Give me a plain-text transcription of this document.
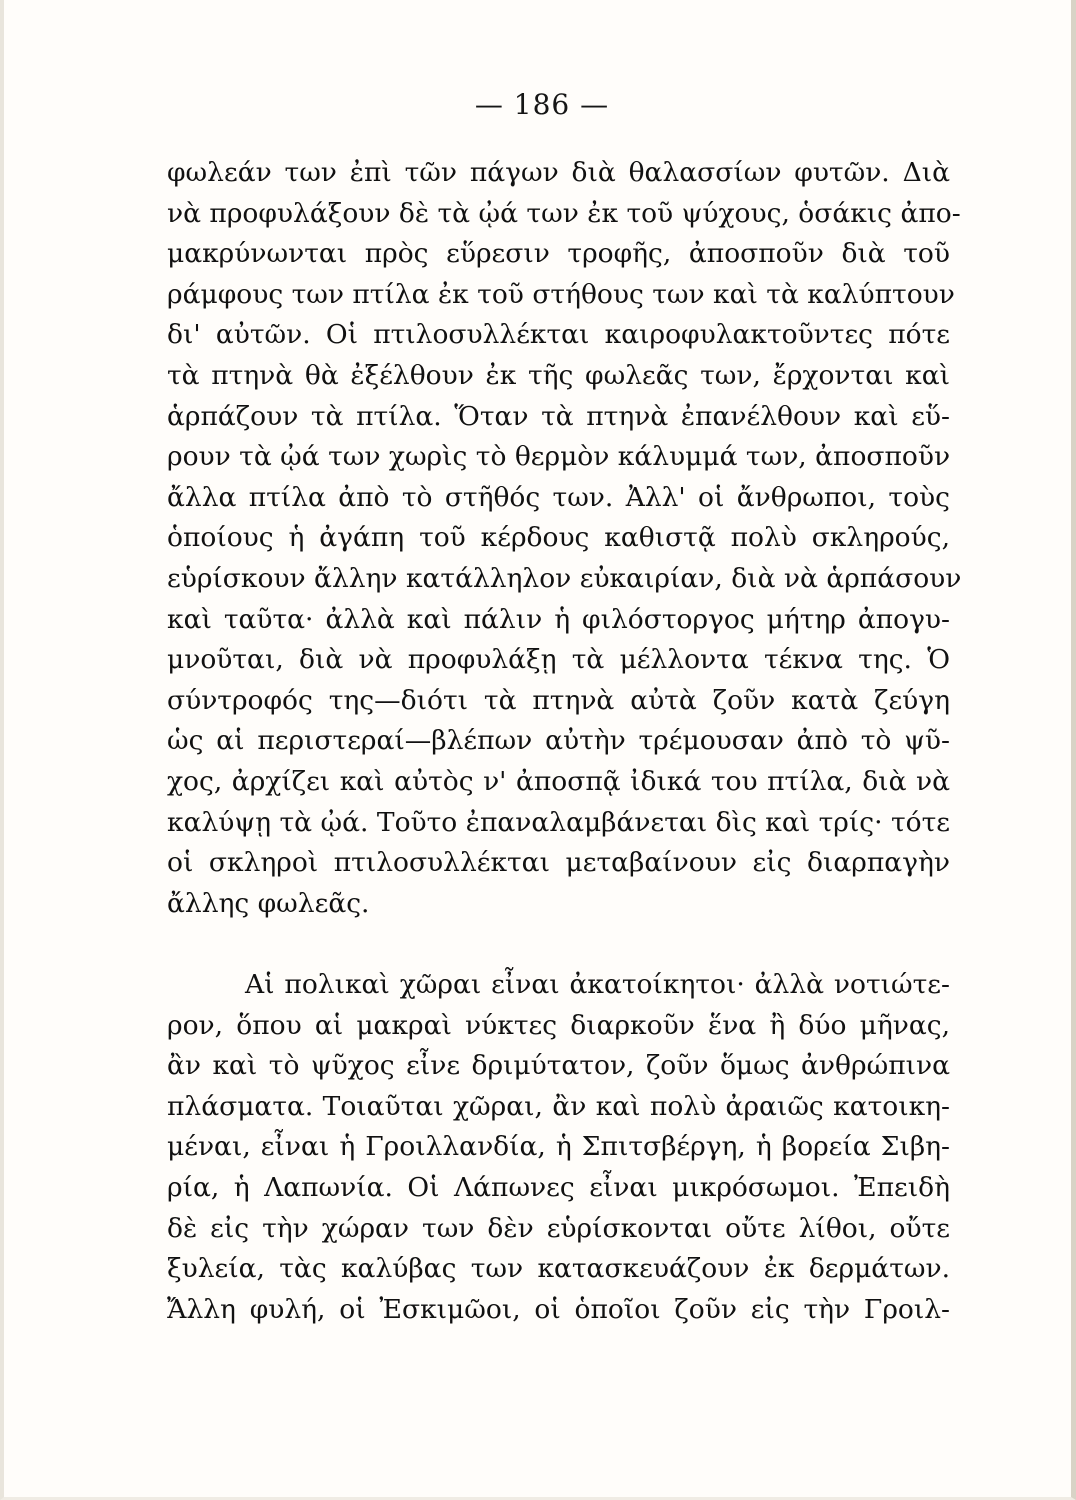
— 186 —
φωλεάν των ἐπὶ τῶν πάγων διὰ θαλασσίων φυτῶν. Διὰ
νὰ προφυλάξουν δὲ τὰ ᾠά των ἐκ τοῦ ψύχους, ὁσάκις ἀπο-
μακρύνωνται πρὸς εὕρεσιν τροφῆς, ἀποσποῦν διὰ τοῦ
ράμφους των πτίλα ἐκ τοῦ στήθους των καὶ τὰ καλύπτουν
δι' αὐτῶν. Οἱ πτιλοσυλλέκται καιροφυλακτοῦντες πότε
τὰ πτηνὰ θὰ ἐξέλθουν ἐκ τῆς φωλεᾶς των, ἔρχονται καὶ
ἁρπάζουν τὰ πτίλα. Ὅταν τὰ πτηνὰ ἐπανέλθουν καὶ εὕ-
ρουν τὰ ᾠά των χωρὶς τὸ θερμὸν κάλυμμά των, ἀποσποῦν
ἄλλα πτίλα ἀπὸ τὸ στῆθός των. Ἀλλ' οἱ ἄνθρωποι, τοὺς
ὁποίους ἡ ἀγάπη τοῦ κέρδους καθιστᾷ πολὺ σκληρούς,
εὑρίσκουν ἄλλην κατάλληλον εὐκαιρίαν, διὰ νὰ ἁρπάσουν
καὶ ταῦτα· ἀλλὰ καὶ πάλιν ἡ φιλόστοργος μήτηρ ἀπογυ-
μνοῦται, διὰ νὰ προφυλάξῃ τὰ μέλλοντα τέκνα της. Ὁ
σύντροφός της—διότι τὰ πτηνὰ αὐτὰ ζοῦν κατὰ ζεύγη
ὡς αἱ περιστεραί—βλέπων αὐτὴν τρέμουσαν ἀπὸ τὸ ψῦ-
χος, ἀρχίζει καὶ αὐτὸς ν' ἀποσπᾷ ἰδικά του πτίλα, διὰ νὰ
καλύψῃ τὰ ᾠά. Τοῦτο ἐπαναλαμβάνεται δὶς καὶ τρίς· τότε
οἱ σκληροὶ πτιλοσυλλέκται μεταβαίνουν εἰς διαρπαγὴν
ἄλλης φωλεᾶς.
Αἱ πολικαὶ χῶραι εἶναι ἀκατοίκητοι· ἀλλὰ νοτιώτε-
ρον, ὅπου αἱ μακραὶ νύκτες διαρκοῦν ἕνα ἢ δύο μῆνας,
ἂν καὶ τὸ ψῦχος εἶνε δριμύτατον, ζοῦν ὅμως ἀνθρώπινα
πλάσματα. Τοιαῦται χῶραι, ἂν καὶ πολὺ ἀραιῶς κατοικη-
μέναι, εἶναι ἡ Γροιλλανδία, ἡ Σπιτσβέργη, ἡ βορεία Σιβη-
ρία, ἡ Λαπωνία. Οἱ Λάπωνες εἶναι μικρόσωμοι. Ἐπειδὴ
δὲ εἰς τὴν χώραν των δὲν εὑρίσκονται οὔτε λίθοι, οὔτε
ξυλεία, τὰς καλύβας των κατασκευάζουν ἐκ δερμάτων.
Ἄλλη φυλή, οἱ Ἐσκιμῶοι, οἱ ὁποῖοι ζοῦν εἰς τὴν Γροιλ-
